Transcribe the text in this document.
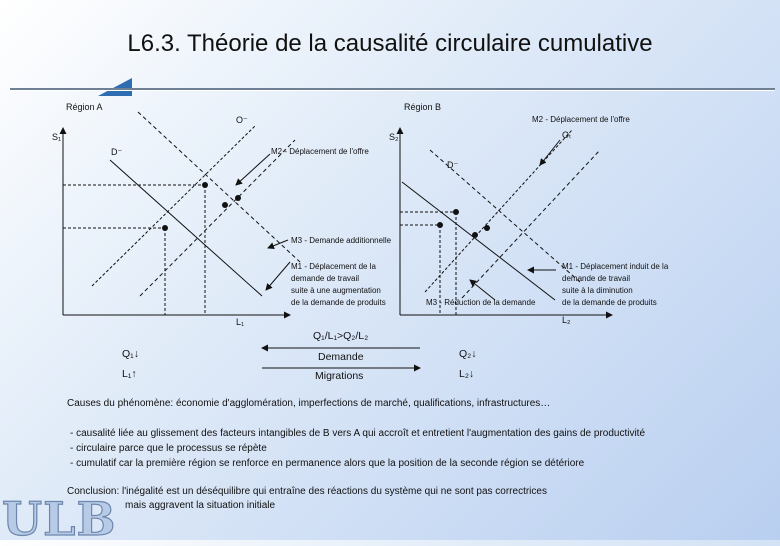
L6.3. Théorie de la causalité circulaire cumulative
Région A
S₁
O⁻
D⁻
L₁
M2 - Déplacement de l'offre
M3 - Demande additionnelle
M1 - Déplacement de la
demande de travail
suite à une augmentation
de la demande de produits
Région B
S₂	Oₜ
D⁻
L₂
M2 - Déplacement de l'offre
M3 - Réduction de la demande
M1 - Déplacement induit de la
demande de travail
suite à la diminution
de la demande de produits
Q₁/L₁>Q₂/L₂
Demande
Migrations
Q₁↓
L₁↑
Q₂↓
L₂↓
Causes du phénomène: économie d'agglomération, imperfections de marché, qualifications, infrastructures…
- causalité liée au glissement des facteurs intangibles de B vers A qui accroît et entretient l'augmentation des gains de productivité
- circulaire parce que le processus se répète
- cumulatif car la première région se renforce en permanence alors que la position de la seconde région se détériore
Conclusion: l'inégalité est un déséquilibre qui entraîne des réactions du système qui ne sont pas correctrices
mais aggravent la situation initiale
ULB
